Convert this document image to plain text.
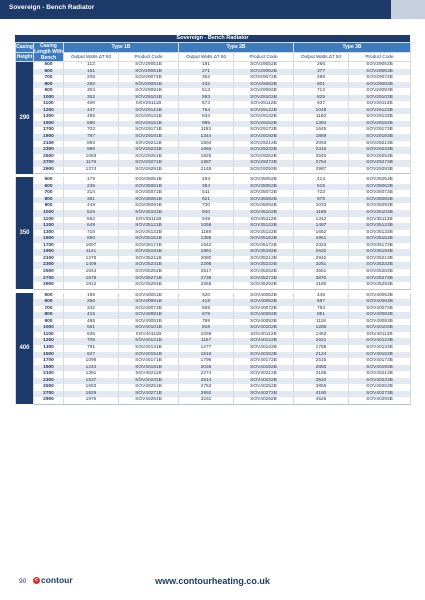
Sovereign - Bench Radiator
Sovereign - Bench Radiator
Casing	Casing Length With Bench	Type 1B		Type 2B		Type 3B	
Height		Output Watts ΔT 50	Product Code	Output Watts ΔT 50	Product Code	Output Watts ΔT 50	Product Code
290	500	113	SOV29051B	191	SOV29052B	266	SOV29053B
	600	161	SOV29061B	271	SOV29062B	377	SOV29063B
	700	209	SOV29071B	352	SOV29072B	489	SOV29073B
	800	256	SOV29081B	432	SOV29082B	601	SOV29083B
	900	304	SOV29091B	513	SOV29092B	713	SOV29093B
	1000	352	SOV29101B	593	SOV29102B	825	SOV29103B
	1100	400	SOV29111B	673	SOV29112B	937	SOV29113B
	1200	447	SOV29121B	754	SOV29122B	1048	SOV29123B
	1300	495	SOV29131B	834	SOV29132B	1160	SOV29133B
	1500	590	SOV29151B	995	SOV29152B	1384	SOV29153B
	1700	702	SOV29171B	1183	SOV29172B	1645	SOV29173B
	1900	797	SOV29191B	1344	SOV29192B	1869	SOV29193B
	2100	893	SOV29211B	1504	SOV29212B	2093	SOV29213B
	2300	988	SOV29231B	1665	SOV29232B	2316	SOV29233B
	2500	1083	SOV29251B	1826	SOV29252B	2540	SOV29253B
	2700	1179	SOV29271B	1987	SOV29272B	2764	SOV29273B
	2900	1274	SOV29291B	2148	SOV29292B	2987	SOV29293B

350	500	179	SOV35051B	293	SOV35052B	414	SOV35053B
	600	235	SOV35061B	384	SOV35062B	515	SOV35063B
	700	314	SOV35071B	511	SOV35072B	723	SOV35073B
	800	381	SOV35081B	621	SOV35082B	878	SOV35083B
	900	448	SOV35091B	730	SOV35092B	1033	SOV35093B
	1000	515	SOV35101B	840	SOV35102B	1188	SOV35103B
	1100	582	SOV35111B	949	SOV35112B	1342	SOV35113B
	1200	649	SOV35121B	1058	SOV35122B	1497	SOV35123B
	1300	716	SOV35131B	1168	SOV35132B	1652	SOV35133B
	1500	850	SOV35151B	1386	SOV35152B	1961	SOV35153B
	1700	1007	SOV35171B	1642	SOV35172B	2323	SOV35173B
	1900	1141	SOV35191B	1861	SOV35192B	2632	SOV35193B
	2100	1275	SOV35211B	2080	SOV35212B	2942	SOV35213B
	2300	1409	SOV35231B	2298	SOV35232B	3251	SOV35233B
	2500	1544	SOV35251B	2517	SOV35252B	3561	SOV35253B
	2700	1678	SOV35271B	2736	SOV35272B	3870	SOV35273B
	2900	1812	SOV35291B	2955	SOV35292B	4180	SOV35293B

400	500	196	SOV40051B	320	SOV40052B	446	SOV40053B
	600	256	SOV40061B	419	SOV40062B	587	SOV40063B
	700	342	SOV40071B	559	SOV40072B	783	SOV40073B
	800	415	SOV40081B	679	SOV40082B	951	SOV40083B
	900	488	SOV40091B	799	SOV40092B	1118	SOV40093B
	1000	561	SOV40101B	918	SOV40102B	1286	SOV40103B
	1100	635	SOV40111B	1038	SOV40112B	1453	SOV40113B
	1200	708	SOV40121B	1157	SOV40122B	1621	SOV40123B
	1300	781	SOV40131B	1277	SOV40132B	1788	SOV40133B
	1500	927	SOV40151B	1516	SOV40152B	2124	SOV40153B
	1700	1098	SOV40171B	1796	SOV40172B	2515	SOV40173B
	1900	1244	SOV40191B	2035	SOV40192B	2850	SOV40193B
	2100	1391	SOV40211B	2274	SOV40212B	3185	SOV40213B
	2300	1537	SOV40231B	2514	SOV40232B	3520	SOV40233B
	2500	1683	SOV40251B	2753	SOV40252B	3855	SOV40253B
	2700	1829	SOV40271B	2992	SOV40272B	4190	SOV40273B
	2900	1976	SOV40291B	3231	SOV40292B	4526	SOV40293B
90	c contour	www.contourheating.co.uk
